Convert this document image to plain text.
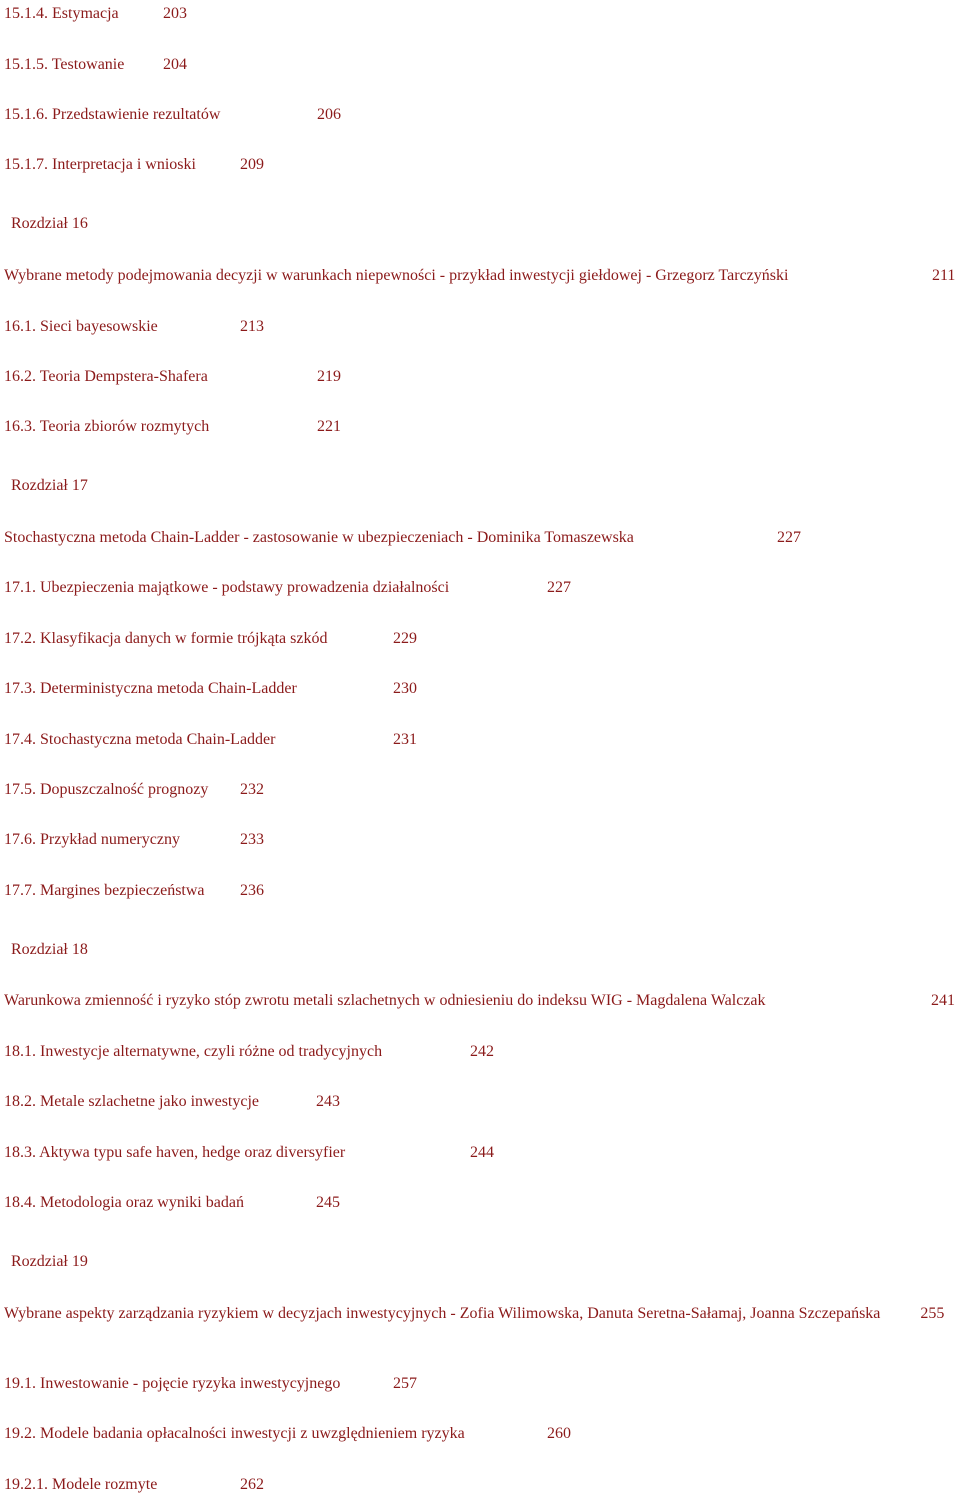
15.1.4. Estymacja	203
15.1.5. Testowanie 204
15.1.6. Przedstawienie rezultatów	206
15.1.7. Interpretacja i wnioski	209
Rozdział 16
Wybrane metody podejmowania decyzji w warunkach niepewności - przykład inwestycji giełdowej - Grzegorz Tarczyński	211
16.1. Sieci bayesowskie	213
16.2. Teoria Dempstera-Shafera	219
16.3. Teoria zbiorów rozmytych	221
Rozdział 17
Stochastyczna metoda Chain-Ladder - zastosowanie w ubezpieczeniach - Dominika Tomaszewska	227
17.1. Ubezpieczenia majątkowe - podstawy prowadzenia działalności	227
17.2. Klasyfikacja danych w formie trójkąta szkód	229
17.3. Deterministyczna metoda Chain-Ladder	230
17.4. Stochastyczna metoda Chain-Ladder	231
17.5. Dopuszczalność prognozy 232
17.6. Przykład numeryczny	233
17.7. Margines bezpieczeństwa 236
Rozdział 18
Warunkowa zmienność i ryzyko stóp zwrotu metali szlachetnych w odniesieniu do indeksu WIG - Magdalena Walczak	241
18.1. Inwestycje alternatywne, czyli różne od tradycyjnych	242
18.2. Metale szlachetne jako inwestycje	243
18.3. Aktywa typu safe haven, hedge oraz diversyfier	244
18.4. Metodologia oraz wyniki badań	245
Rozdział 19
Wybrane aspekty zarządzania ryzykiem w decyzjach inwestycyjnych - Zofia Wilimowska, Danuta Seretna-Sałamaj, Joanna Szczepańska	255
19.1. Inwestowanie - pojęcie ryzyka inwestycyjnego	257
19.2. Modele badania opłacalności inwestycji z uwzględnieniem ryzyka	260
19.2.1. Modele rozmyte	262
